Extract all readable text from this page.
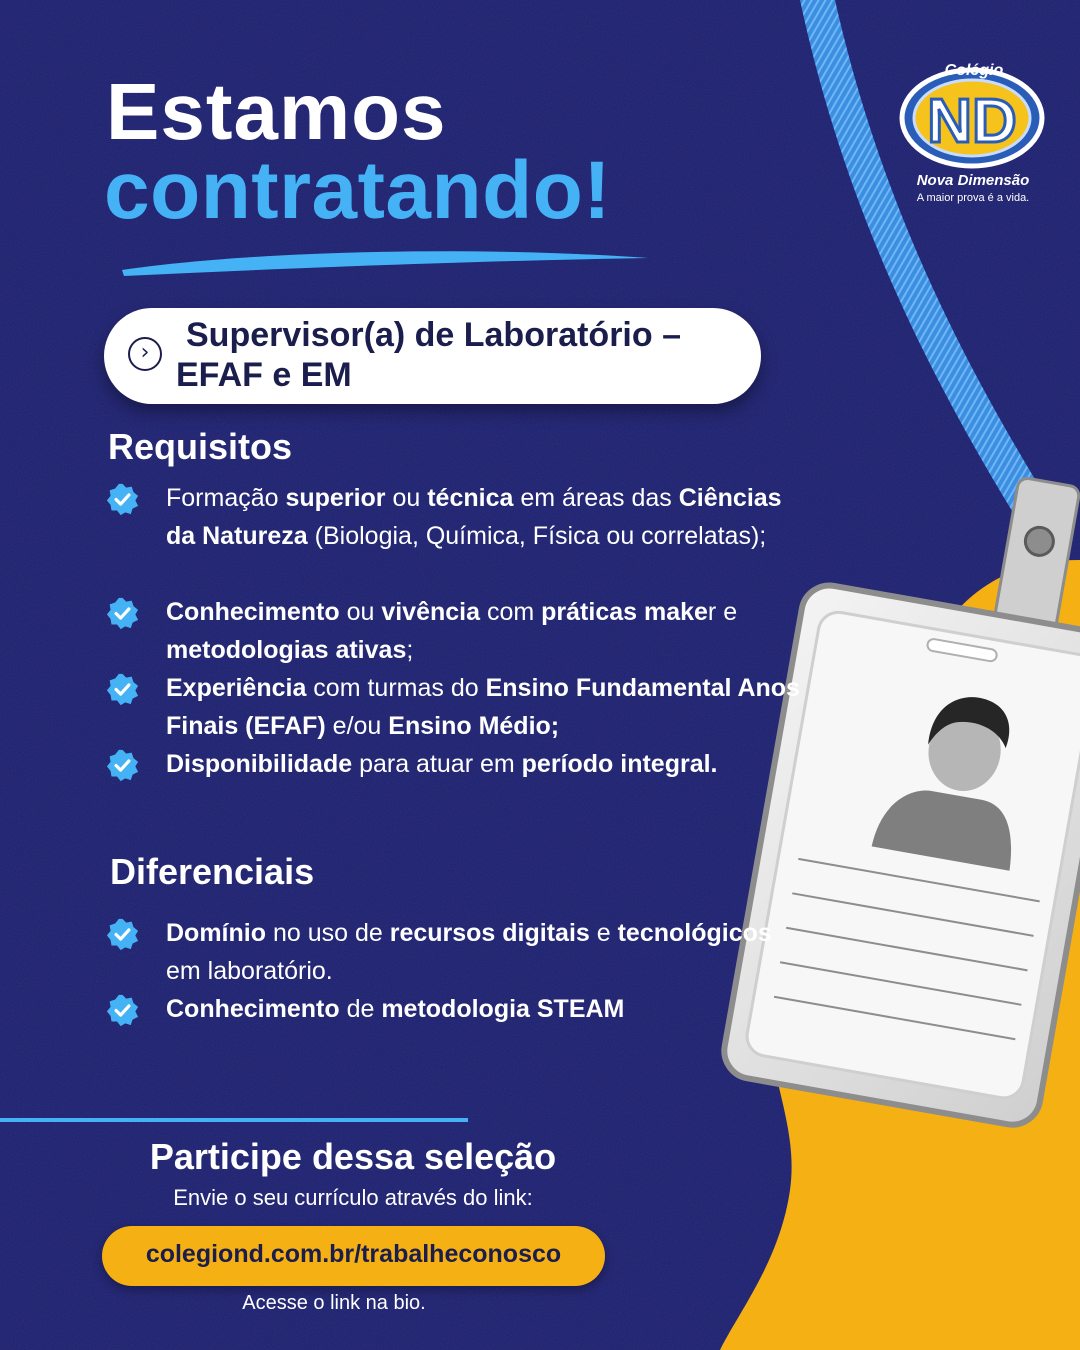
ND
Colégio
Nova Dimensão
A maior prova é a vida.
Estamos
contratando!
›	Supervisor(a) de Laboratório –
EFAF e EM
Requisitos
Formação superior ou técnica em áreas das Ciências da Natureza (Biologia, Química, Física ou correlatas);
Conhecimento ou vivência com práticas maker e metodologias ativas;
Experiência com turmas do Ensino Fundamental Anos Finais (EFAF) e/ou Ensino Médio;
Disponibilidade para atuar em período integral.
Diferenciais
Domínio no uso de recursos digitais e tecnológicos em laboratório.
Conhecimento de metodologia STEAM
Participe dessa seleção
Envie o seu currículo através do link:
colegiond.com.br/trabalheconosco
Acesse o link na bio.
